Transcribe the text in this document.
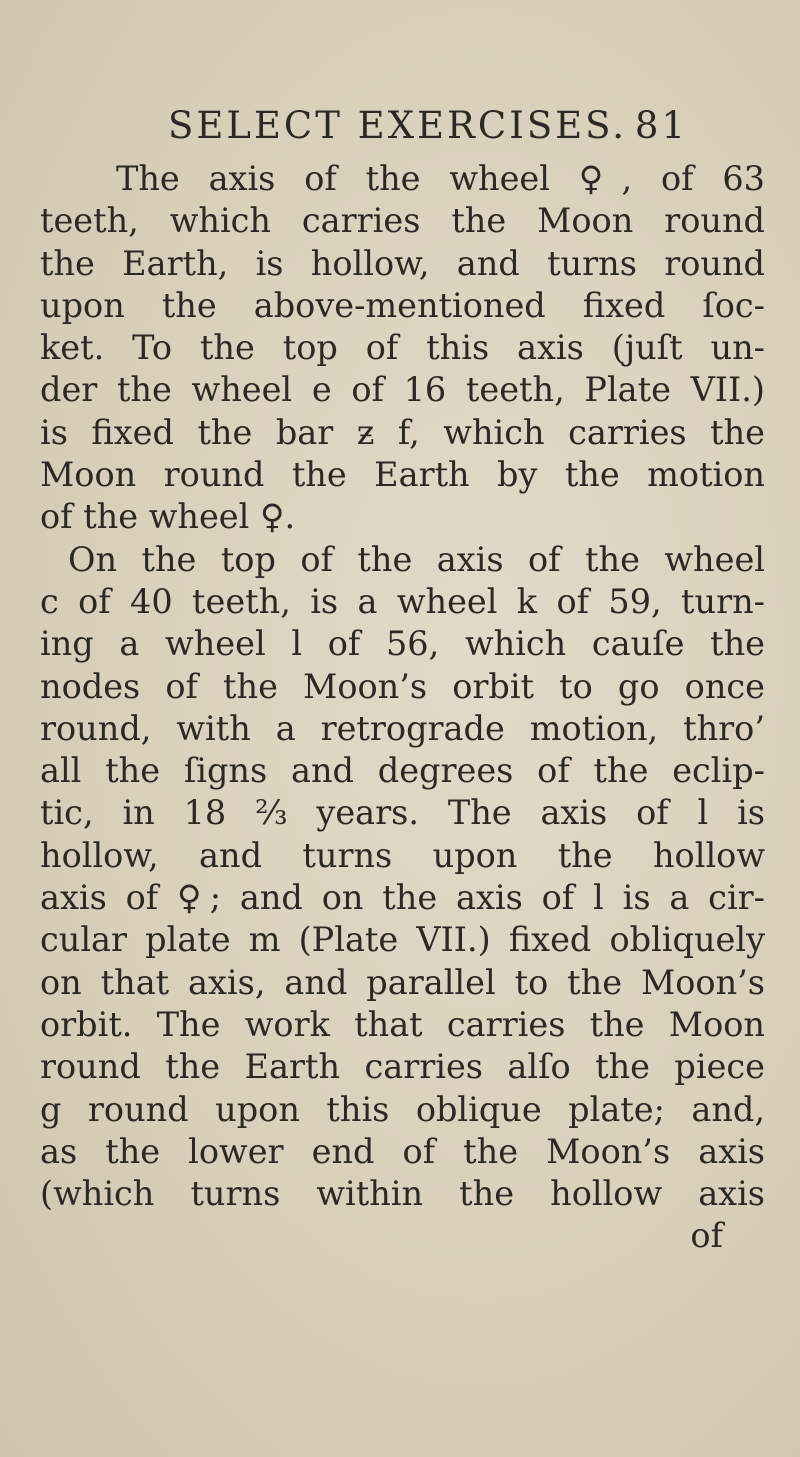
SELECT EXERCISES. 81
The axis of the wheel ♀, of 63
teeth, which carries the Moon round
the Earth, is hollow, and turns round
upon the above-mentioned fixed ſoc-
ket. To the top of this axis (juſt un-
der the wheel e of 16 teeth, Plate VII.)
is fixed the bar ƶ f, which carries the
Moon round the Earth by the motion
of the wheel ♀.
On the top of the axis of the wheel
c of 40 teeth, is a wheel k of 59, turn-
ing a wheel l of 56, which cauſe the
nodes of the Moon’s orbit to go once
round, with a retrograde motion, thro’
all the ſigns and degrees of the eclip-
tic, in 18 ⅔ years. The axis of l is
hollow, and turns upon the hollow
axis of ♀; and on the axis of l is a cir-
cular plate m (Plate VII.) fixed obliquely
on that axis, and parallel to the Moon’s
orbit. The work that carries the Moon
round the Earth carries alſo the piece
g round upon this oblique plate; and,
as the lower end of the Moon’s axis
(which turns within the hollow axis
of
